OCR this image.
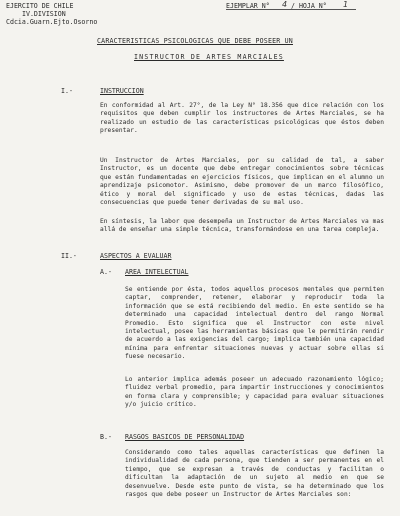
EJERCITO DE CHILE
IV.DIVISION
Cdcia.Guarn.Ejto.Osorno
EJEMPLAR N° 4 / HOJA N° 1
CARACTERISTICAS PSICOLOGICAS QUE DEBE POSEER UN
INSTRUCTOR DE ARTES MARCIALES
I.-	INSTRUCCION
En conformidad al Art. 27°, de la Ley N° 18.356 que dice relación con los requisitos que deben cumplir los instructores de Artes Marciales, se ha realizado un estudio de las características psicológicas que éstos deben presentar.
Un Instructor de Artes Marciales, por su calidad de tal, a saber Instructor, es un docente que debe entregar conocimientos sobre técnicas que están fundamentadas en ejercicios físicos, que implican en el alumno un aprendizaje psicomotor. Asimismo, debe promover de un marco filosófico, ético y moral del significado y uso de estas técnicas, dadas las consecuencias que puede tener derivadas de su mal uso.
En síntesis, la labor que desempeña un Instructor de Artes Marciales va mas allá de enseñar una simple técnica, transformándose en una tarea compleja.
II.-	ASPECTOS A EVALUAR
A.- AREA INTELECTUAL
Se entiende por ésta, todos aquellos procesos mentales que permiten captar, comprender, retener, elaborar y reproducir toda la información que se está recibiendo del medio. En este sentido se ha determinado una capacidad intelectual dentro del rango Normal Promedio. Esto significa que el Instructor con este nivel intelectual, posee las herramientas básicas que le permitirán rendir de acuerdo a las exigencias del cargo; implica también una capacidad mínima para enfrentar situaciones nuevas y actuar sobre ellas si fuese necesario.
Lo anterior implica además poseer un adecuado razonamiento lógico; fluidez verbal promedio, para impartir instrucciones y conocimientos en forma clara y comprensible; y capacidad para evaluar situaciones y/o juicio crítico.
B.- RASGOS BASICOS DE PERSONALIDAD
Considerando como tales aquellas características que definen la individualidad de cada persona, que tienden a ser permanentes en el tiempo, que se expresan a través de conductas y facilitan o dificultan la adaptación de un sujeto al medio en que se desenvuelve. Desde este punto de vista, se ha determinado que los rasgos que debe poseer un Instructor de Artes Marciales son:
